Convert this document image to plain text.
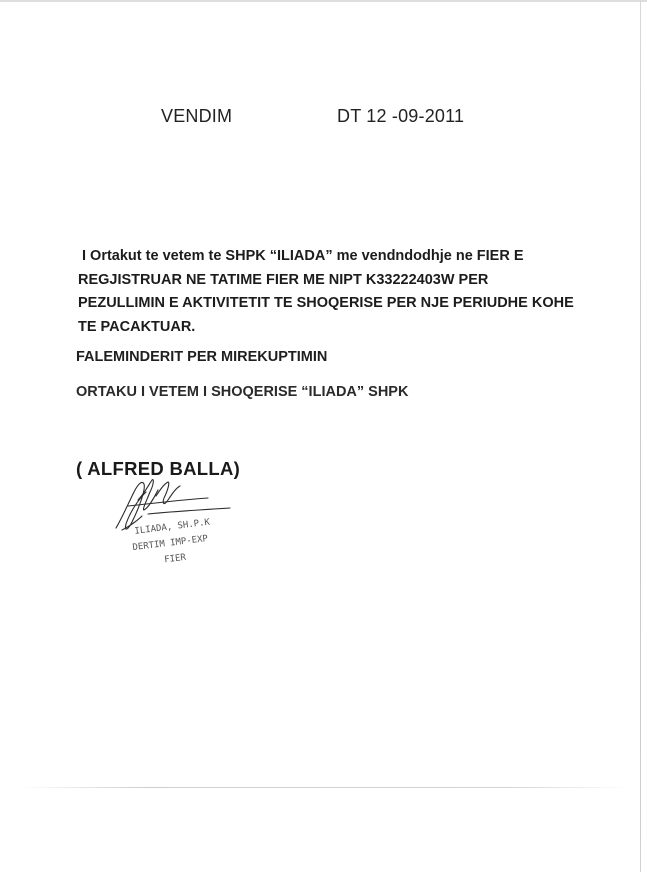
VENDIM	DT 12 -09-2011
I Ortakut te vetem te SHPK “ILIADA” me vendndodhje ne FIER E
REGJISTRUAR NE TATIME FIER ME NIPT K33222403W PER
PEZULLIMIN E AKTIVITETIT TE SHOQERISE PER NJE PERIUDHE KOHE
TE PACAKTUAR.
FALEMINDERIT PER MIREKUPTIMIN
ORTAKU I VETEM I SHOQERISE “ILIADA” SHPK
( ALFRED BALLA)
ILIADA, SH.P.K
DERTIM IMP-EXP
FIER
